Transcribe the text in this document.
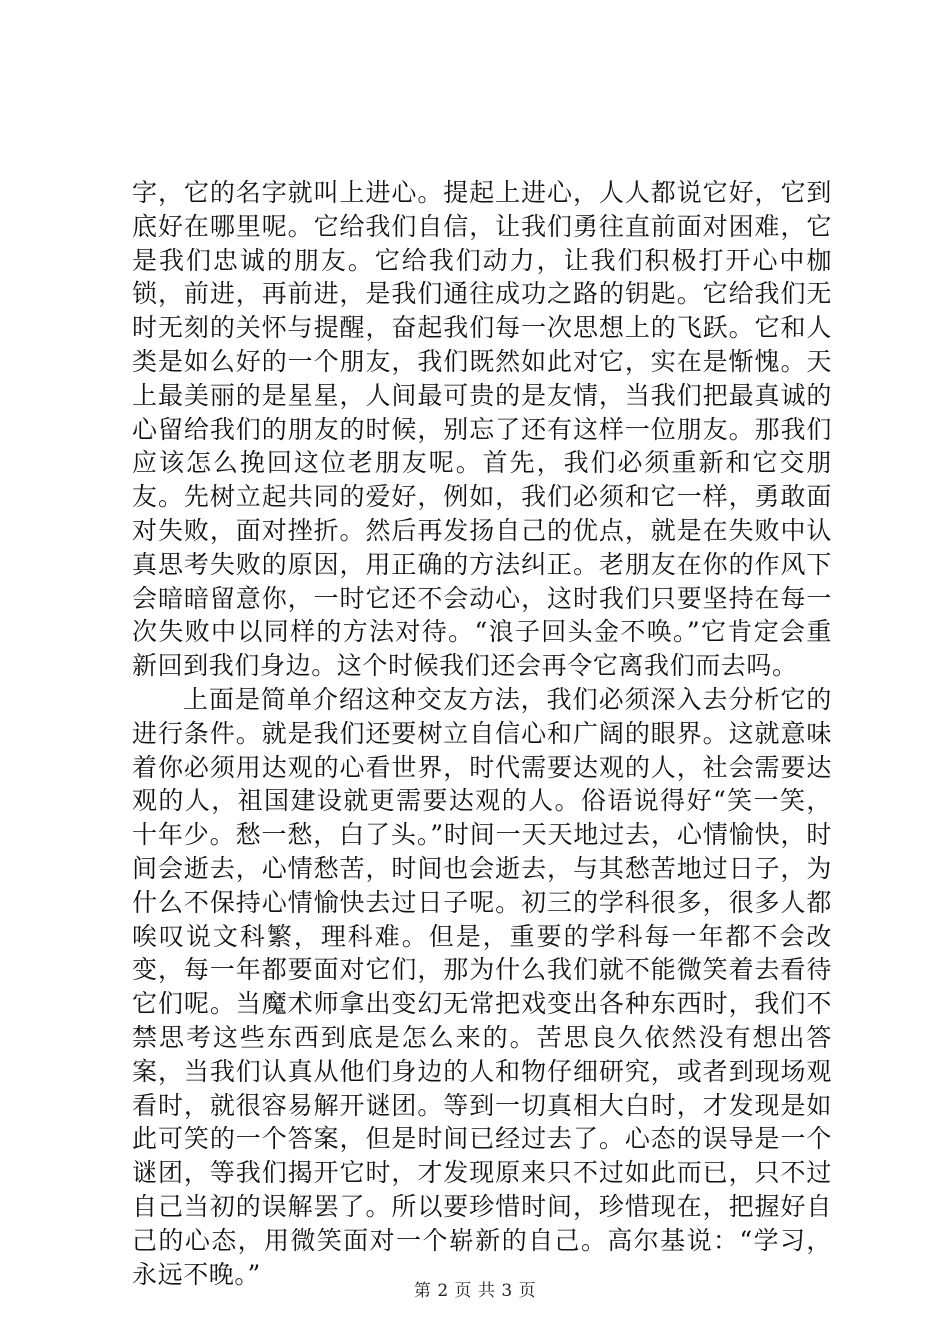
字，它的名字就叫上进心。提起上进心，人人都说它好，它到底好在哪里呢。它给我们自信，让我们勇往直前面对困难，它是我们忠诚的朋友。它给我们动力，让我们积极打开心中枷锁，前进，再前进，是我们通往成功之路的钥匙。它给我们无时无刻的关怀与提醒，奋起我们每一次思想上的飞跃。它和人类是如么好的一个朋友，我们既然如此对它，实在是惭愧。天上最美丽的是星星，人间最可贵的是友情，当我们把最真诚的心留给我们的朋友的时候，别忘了还有这样一位朋友。那我们应该怎么挽回这位老朋友呢。首先，我们必须重新和它交朋友。先树立起共同的爱好，例如，我们必须和它一样，勇敢面对失败，面对挫折。然后再发扬自己的优点，就是在失败中认真思考失败的原因，用正确的方法纠正。老朋友在你的作风下会暗暗留意你，一时它还不会动心，这时我们只要坚持在每一次失败中以同样的方法对待。“浪子回头金不唤。”它肯定会重新回到我们身边。这个时候我们还会再令它离我们而去吗。

上面是简单介绍这种交友方法，我们必须深入去分析它的进行条件。就是我们还要树立自信心和广阔的眼界。这就意味着你必须用达观的心看世界，时代需要达观的人，社会需要达观的人，祖国建设就更需要达观的人。俗语说得好“笑一笑，十年少。愁一愁，白了头。”时间一天天地过去，心情愉快，时间会逝去，心情愁苦，时间也会逝去，与其愁苦地过日子，为什么不保持心情愉快去过日子呢。初三的学科很多，很多人都唉叹说文科繁，理科难。但是，重要的学科每一年都不会改变，每一年都要面对它们，那为什么我们就不能微笑着去看待它们呢。当魔术师拿出变幻无常把戏变出各种东西时，我们不禁思考这些东西到底是怎么来的。苦思良久依然没有想出答案，当我们认真从他们身边的人和物仔细研究，或者到现场观看时，就很容易解开谜团。等到一切真相大白时，才发现是如此可笑的一个答案，但是时间已经过去了。心态的误导是一个谜团，等我们揭开它时，才发现原来只不过如此而已，只不过自己当初的误解罢了。所以要珍惜时间，珍惜现在，把握好自己的心态，用微笑面对一个崭新的自己。高尔基说：“学习，永远不晚。”

第 2 页 共 3 页
